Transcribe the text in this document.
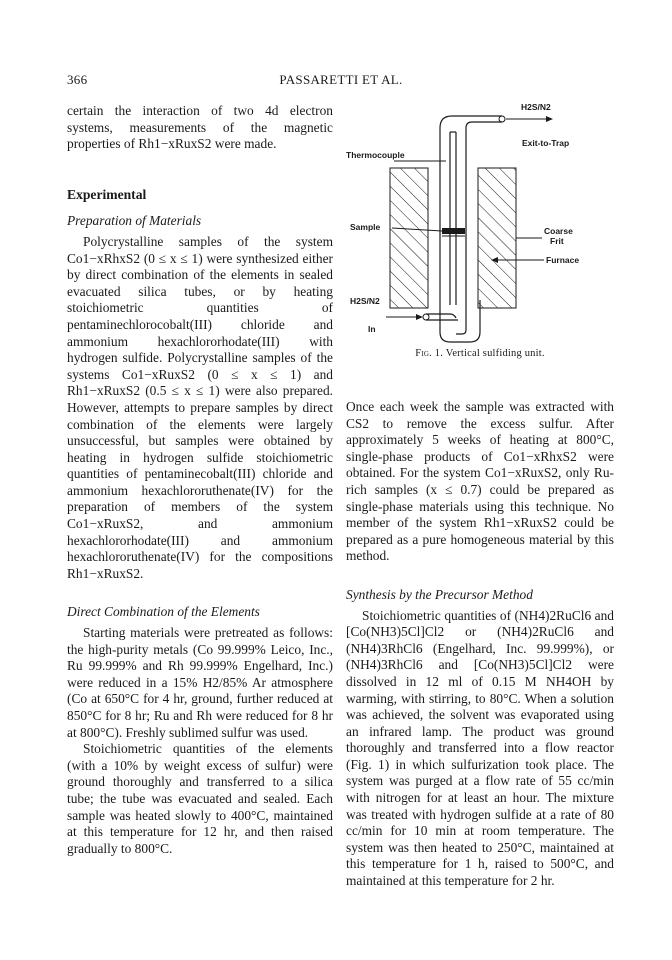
366	PASSARETTI ET AL.

certain the interaction of two 4d electron systems, measurements of the magnetic properties of Rh1−xRuxS2 were made.

Experimental
Preparation of Materials

Polycrystalline samples of the system Co1−xRhxS2 (0 ≤ x ≤ 1) were synthesized either by direct combination of the elements in sealed evacuated silica tubes, or by heating stoichiometric quantities of pentaminechlorocobalt(III) chloride and ammonium hexachlororhodate(III) with hydrogen sulfide. Polycrystalline samples of the systems Co1−xRuxS2 (0 ≤ x ≤ 1) and Rh1−xRuxS2 (0.5 ≤ x ≤ 1) were also prepared. However, attempts to prepare samples by direct combination of the elements were largely unsuccessful, but samples were obtained by heating in hydrogen sulfide stoichiometric quantities of pentaminecobalt(III) chloride and ammonium hexachlororuthenate(IV) for the preparation of members of the system Co1−xRuxS2, and ammonium hexachlororhodate(III) and ammonium hexachlororuthenate(IV) for the compositions Rh1−xRuxS2.

Direct Combination of the Elements

Starting materials were pretreated as follows: the high-purity metals (Co 99.999% Leico, Inc., Ru 99.999% and Rh 99.999% Engelhard, Inc.) were reduced in a 15% H2/85% Ar atmosphere (Co at 650°C for 4 hr, ground, further reduced at 850°C for 8 hr; Ru and Rh were reduced for 8 hr at 800°C). Freshly sublimed sulfur was used.

Stoichiometric quantities of the elements (with a 10% by weight excess of sulfur) were ground thoroughly and transferred to a silica tube; the tube was evacuated and sealed. Each sample was heated slowly to 400°C, maintained at this temperature for 12 hr, and then raised gradually to 800°C.

H2S/N2
Exit-to-Trap
Thermocouple
Sample	Coarse
Frit
Furnace
H2S/N2
In
Fig. 1. Vertical sulfiding unit.

Once each week the sample was extracted with CS2 to remove the excess sulfur. After approximately 5 weeks of heating at 800°C, single-phase products of Co1−xRhxS2 were obtained. For the system Co1−xRuxS2, only Ru-rich samples (x ≤ 0.7) could be prepared as single-phase materials using this technique. No member of the system Rh1−xRuxS2 could be prepared as a pure homogeneous material by this method.

Synthesis by the Precursor Method

Stoichiometric quantities of (NH4)2RuCl6 and [Co(NH3)5Cl]Cl2 or (NH4)2RuCl6 and (NH4)3RhCl6 (Engelhard, Inc. 99.999%), or (NH4)3RhCl6 and [Co(NH3)5Cl]Cl2 were dissolved in 12 ml of 0.15 M NH4OH by warming, with stirring, to 80°C. When a solution was achieved, the solvent was evaporated using an infrared lamp. The product was ground thoroughly and transferred into a flow reactor (Fig. 1) in which sulfurization took place. The system was purged at a flow rate of 55 cc/min with nitrogen for at least an hour. The mixture was treated with hydrogen sulfide at a rate of 80 cc/min for 10 min at room temperature. The system was then heated to 250°C, maintained at this temperature for 1 h, raised to 500°C, and maintained at this temperature for 2 hr.
